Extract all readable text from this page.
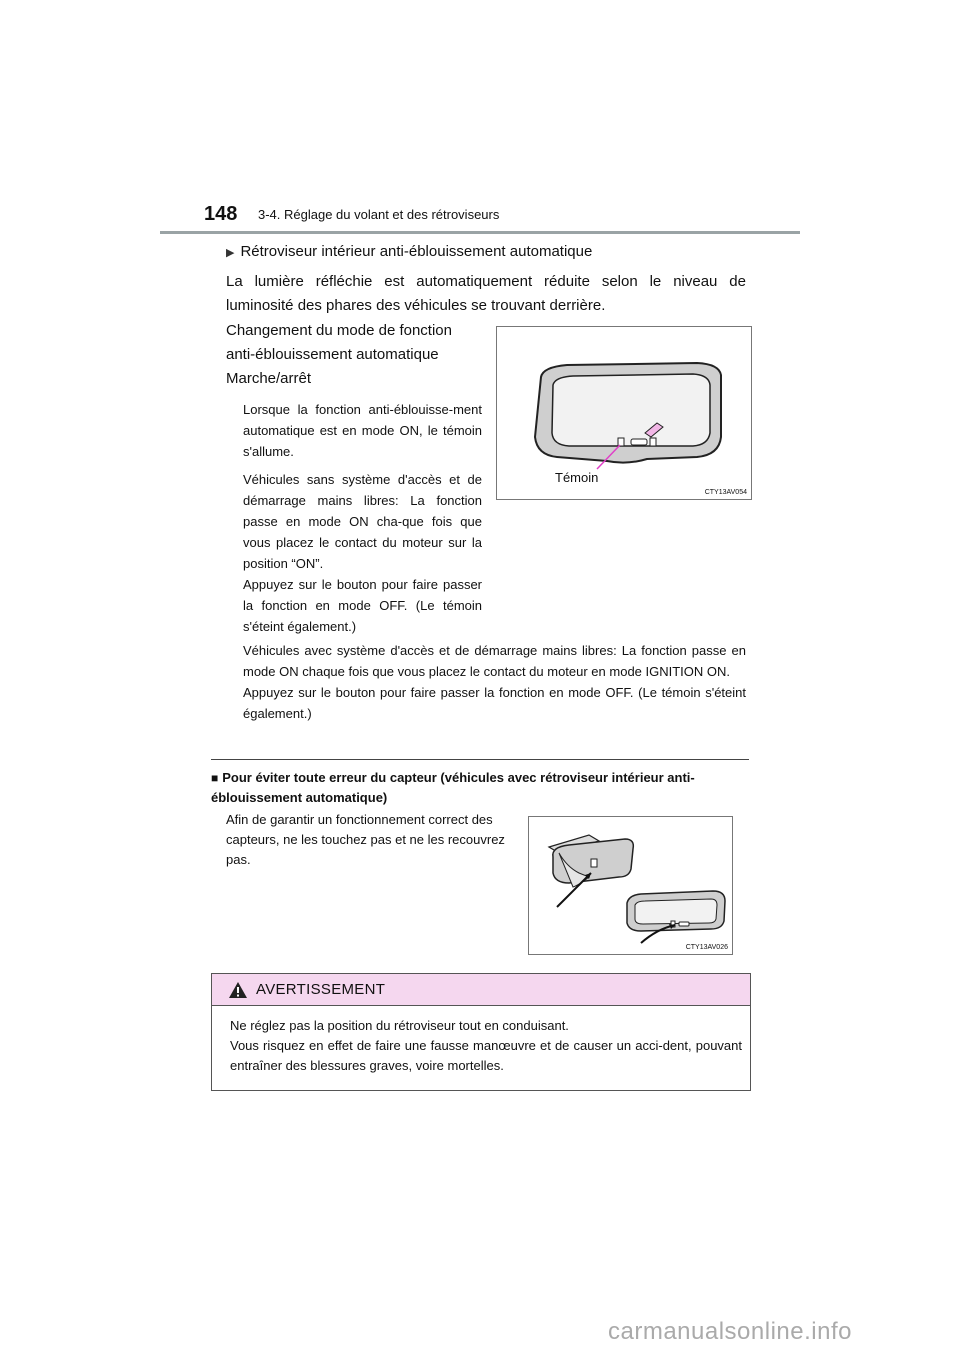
148 3-4. Réglage du volant et des rétroviseurs
▶ Rétroviseur intérieur anti-éblouissement automatique
La lumière réfléchie est automatiquement réduite selon le niveau de luminosité des phares des véhicules se trouvant derrière.
Changement du mode de fonction anti-éblouissement automatique
Marche/arrêt
Lorsque la fonction anti-éblouisse-ment automatique est en mode ON, le témoin s'allume.
Véhicules sans système d'accès et de démarrage mains libres: La fonction passe en mode ON cha-que fois que vous placez le contact du moteur sur la position “ON”.
Appuyez sur le bouton pour faire passer la fonction en mode OFF. (Le témoin s'éteint également.)
Véhicules avec système d'accès et de démarrage mains libres: La fonction passe en mode ON chaque fois que vous placez le contact du moteur en mode IGNITION ON.
Appuyez sur le bouton pour faire passer la fonction en mode OFF. (Le témoin s'éteint également.)
Témoin
CTY13AV054
■ Pour éviter toute erreur du capteur (véhicules avec rétroviseur intérieur anti-éblouissement automatique)
Afin de garantir un fonctionnement correct des capteurs, ne les touchez pas et ne les recouvrez pas.
CTY13AV026
AVERTISSEMENT
Ne réglez pas la position du rétroviseur tout en conduisant.
Vous risquez en effet de faire une fausse manœuvre et de causer un acci-dent, pouvant entraîner des blessures graves, voire mortelles.
carmanualsonline.info
